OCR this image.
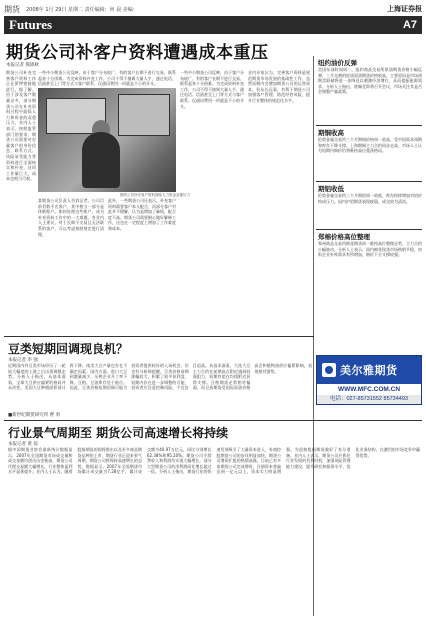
期货 2008年 1月 29日 星期二 责任编辑：何 晨 美编：	上海证券报
Futures	A7
期货公司补客户资料遭遇成本重压
本报记者 熊锦秋
期货公司补充完善客户资料工作正在紧锣密鼓地进行。据了解，由于涉及客户数量众多，部分期货公司在补充资料过程中面临人力和资金的双重压力。业内人士表示，按照监管部门的要求，期货公司需要对存量客户的身份信息、联系方式、风险承受能力等资料进行全面核实和补充，这项工作量巨大，成本也相当可观。
一些中小期货公司反映，由于客户分布较广，有的客户长期不进行交易，联系起来十分困难。为完成资料补充工作，公司不得不抽调大量人手，通过电话、信函甚至上门等方式与客户联系，仅通讯费用一项就是不小的开支。
期货公司补充客户资料面临人力资金双重压力
某期货公司负责人告诉记者，公司目前有数千名客户，其中相当一部分是休眠账户。如何处理这些账户，成为补充资料工作中的一大难题。有业内人士建议，对于长期不交易且无法联系的客户，可以考虑按照规定进行清理。
此外，一些期货公司还表示，补充客户资料需要客户本人配合，而部分客户对此并不理解，认为是增加了麻烦，配合度不高。期货公司需要耐心做好解释工作，这也在一定程度上增加了工作难度和成本。
一些中小期货公司反映，由于客户分布较广，有的客户长期不进行交易，联系起来十分困难。为完成资料补充工作，公司不得不抽调大量人手，通过电话、信函甚至上门等方式与客户联系，仅通讯费用一项就是不小的开支。
业内专家认为，完善客户资料是规范期货市场发展的基础性工作，虽然短期内会增加期货公司的运营成本，但从长远看，有利于期货公司加强客户管理，防范经营风险，提升行业整体的规范化水平。
豆类短期回调现良机？
本报记者 李 强
近期国内外豆类市场经历了一轮较大幅度的上涨之后出现调整走势。分析人士指出，从基本面看，全球大豆供应偏紧的格局并未改变，美国大豆种植面积预计将下降，南美大豆产量也存在不确定因素。国内方面，进口大豆到港量减少，压榨企业开工率下降，豆粕、豆油库存处于低位。因此，豆类价格短期回调可能为投资者提供较好的入场机会。但也有分析师提醒，豆类价格前期涨幅较大，积累了较多获利盘，短期内存在进一步调整的可能，投资者应注意控制风险，不宜盲目追高。从技术面看，大连大豆主力合约在前期高点附近遇到较强阻力，短期有望在均线附近获得支撑。豆粕期货走势相对偏弱，而豆油期货受国际原油价格高企和植物油供应偏紧影响，表现相对强势。
■新世纪期货研究所 曹 勇
行业景气周期至 期货公司高速增长将持续
本报记者 黄 琼
据中国期货业协会最新统计数据显示，2007年全国期货市场成交量和成交金额均创出历史新高，期货公司代理交易额大幅增长，行业整体盈利水平显著提升。业内人士认为，随着股指期货的即将推出以及更多商品期货品种的上市，期货行业正迎来景气周期，期货公司将保持高速增长的态势。数据显示，2007年全国期货市场累计成交量为7.28亿手，累计成交额为40.97万亿元，同比分别增长62.38%和95.20%。期货公司手续费收入和利润均实现大幅增长，部分大型期货公司的净利润同比增长超过一倍。分析人士指出，期货行业的快速发展吸引了大量资本进入，券商控股期货公司的步伐明显加快，期货公司增资扩股的热情高涨。目前已有多家期货公司完成增资，注册资本普遍达到一亿元以上，资本实力明显增强，为迎接股指期货做好了充分准备。业内人士表示，期货公司应抓住行业发展的有利时机，加强风险管理能力建设，提升研究和服务水平，优化业务结构，在激烈的市场竞争中赢得优势。
纽约油价反弹
美国东部时间周一，纽约商品交易所原油期货价格小幅反弹，三月交割的轻质原油期货价格收高，主要原因是市场预期美联储将进一步降息以刺激经济增长，从而提振能源需求。分析人士指出，欧佩克即将召开会议，市场关注其是否会调整产量政策。
期铜收高
伦敦金属交易所三个月期铜价格周一收高，受中国需求预期和库存下降支撑。上海期铜主力合约同步走高，市场人士认为短期内铜价仍将维持高位震荡格局。
期铝收低
伦敦金属交易所三个月期铝周一收低，库存持续增加对铝价构成压力。国内沪铝期货表现疲弱，成交较为清淡。
郑棉价格高位整理
郑州商品交易所棉花期货周一维持高位整理走势，主力合约小幅波动。分析人士表示，国内棉花现货市场购销平稳，纺织企业补库需求有所增加，棉价下方支撑较强。
美尔雅期货
WWW.MFC.COM.CN
电话：027-85731552 85734493
